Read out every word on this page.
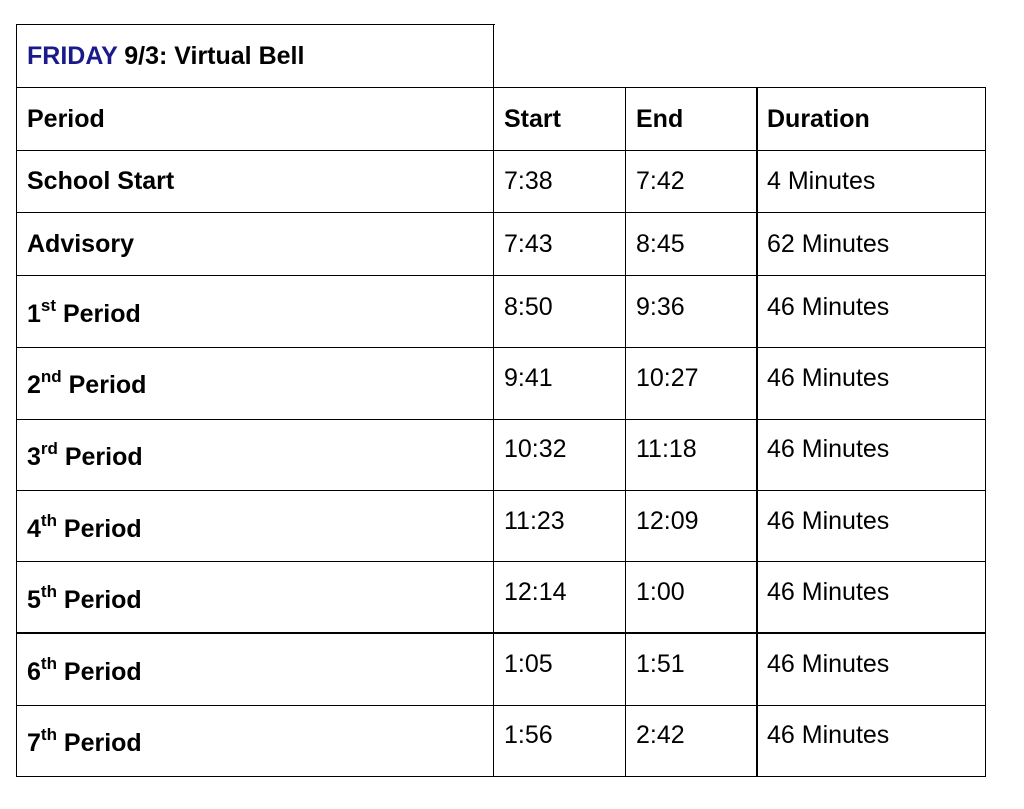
FRIDAY 9/3: Virtual Bell
Period	Start	End	Duration
School Start	7:38	7:42	4 Minutes
Advisory	7:43	8:45	62 Minutes
1st Period	8:50	9:36	46 Minutes
2nd Period	9:41	10:27	46 Minutes
3rd Period	10:32	11:18	46 Minutes
4th Period	11:23	12:09	46 Minutes
5th Period	12:14	1:00	46 Minutes
6th Period	1:05	1:51	46 Minutes
7th Period	1:56	2:42	46 Minutes
